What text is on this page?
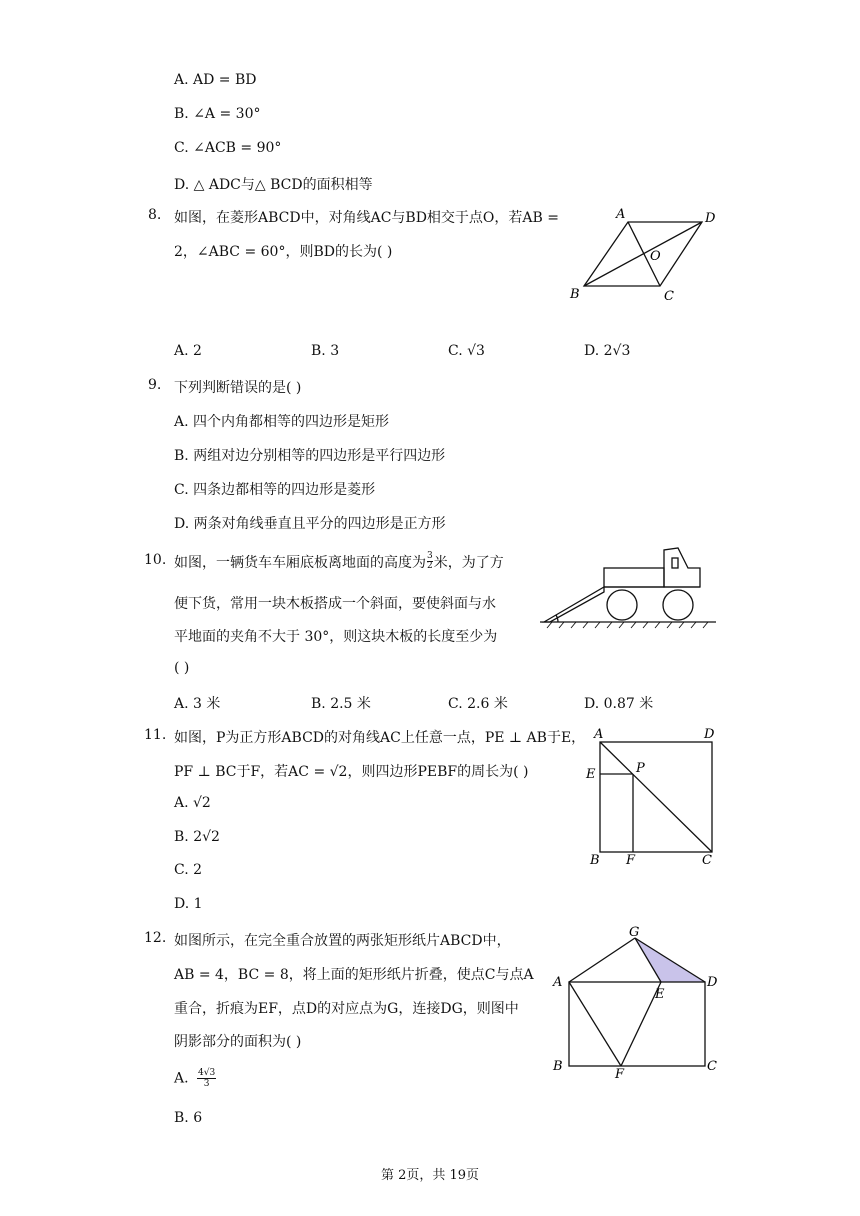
A. AD = BD
B. ∠A = 30°
C. ∠ACB = 90°
D. △ ADC与△ BCD的面积相等
8. 如图，在菱形ABCD中，对角线AC与BD相交于点O，若AB =
2，∠ABC = 60°，则BD的长为( )
A	D
O
B	C
A. 2	B. 3	C. √3	D. 2√3
9. 下列判断错误的是( )
A. 四个内角都相等的四边形是矩形
B. 两组对边分别相等的四边形是平行四边形
C. 四条边都相等的四边形是菱形
D. 两条对角线垂直且平分的四边形是正方形
10. 如图，一辆货车车厢底板离地面的高度为 $\frac{3}{2}$ 米，为了方
便下货，常用一块木板搭成一个斜面，要使斜面与水
平地面的夹角不大于 30°，则这块木板的长度至少为
( )
A. 3 米	B. 2.5 米	C. 2.6 米	D. 0.87 米
11. 如图，P为正方形ABCD的对角线AC上任意一点，PE ⊥ AB于E，
PF ⊥ BC于F，若AC = √2，则四边形PEBF的周长为( )
A. √2
B. 2√2
C. 2
D. 1
A	D
E	P
B F	C
12. 如图所示，在完全重合放置的两张矩形纸片ABCD中，
AB = 4，BC = 8，将上面的矩形纸片折叠，使点C与点A
重合，折痕为EF，点D的对应点为G，连接DG，则图中
阴影部分的面积为( )
A. $\frac{4√3}{3}$
B. 6
G
A
E
D
B
F
C
第 2页，共 19页
